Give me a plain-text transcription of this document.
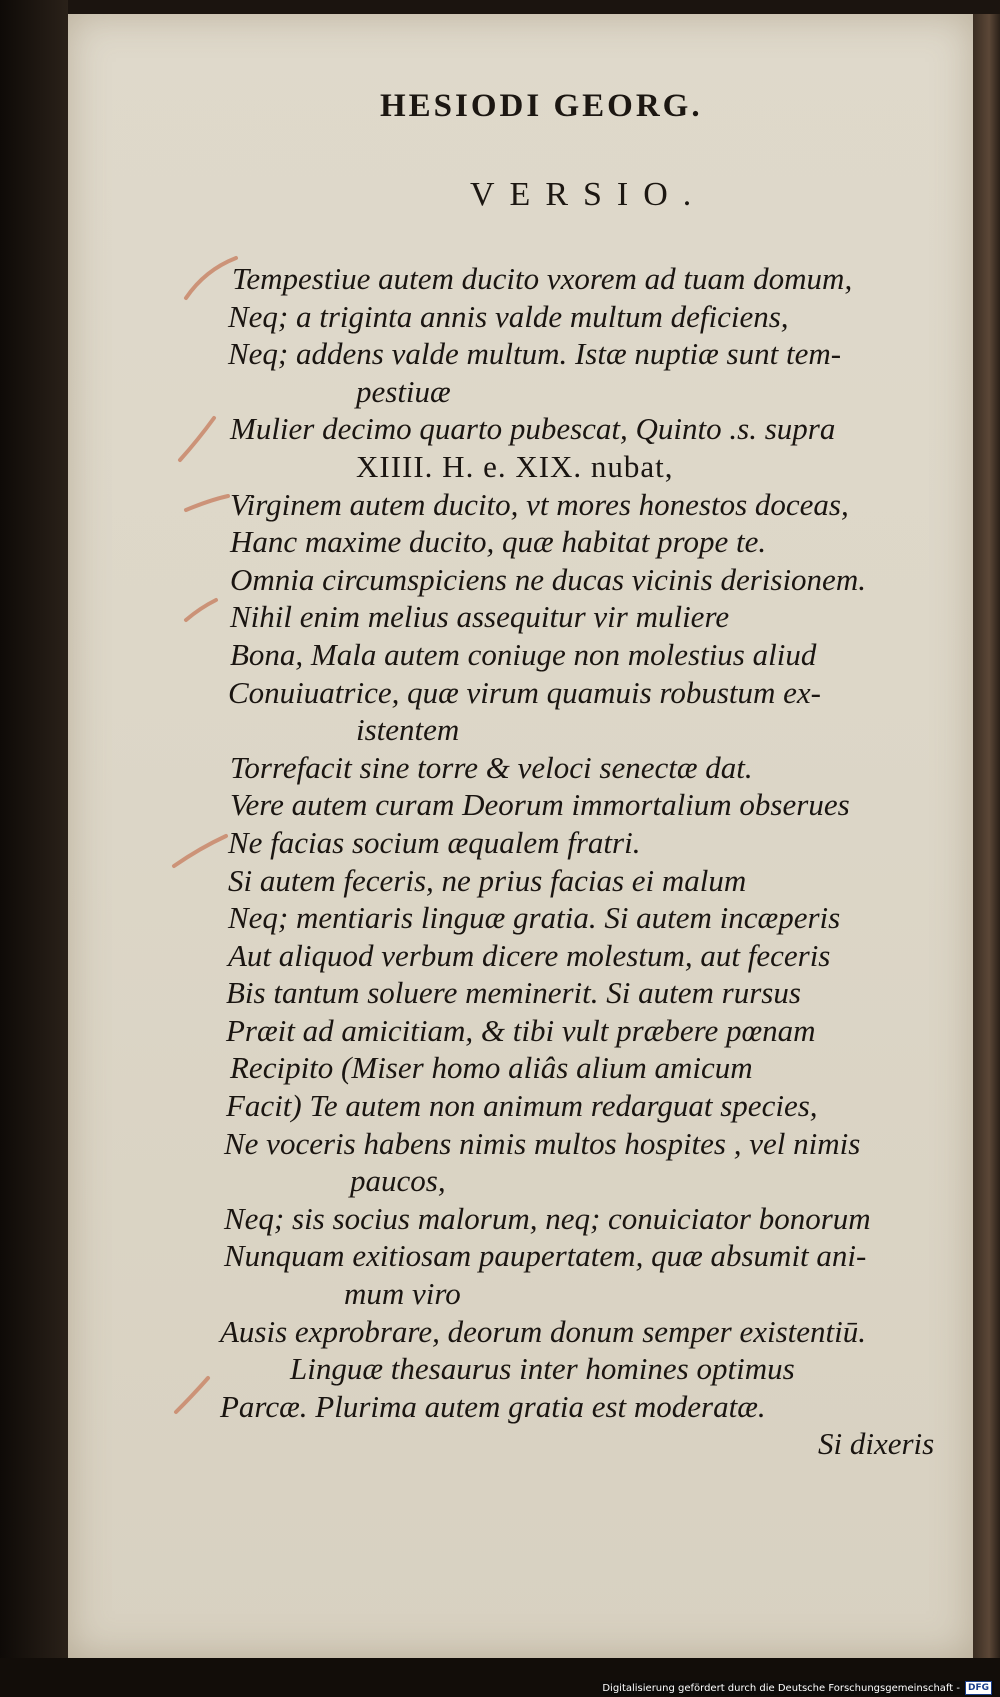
HESIODI GEORG.
VERSIO.
Tempestiue autem ducito vxorem ad tuam domum,
Neq; a triginta annis valde multum deficiens,
Neq; addens valde multum. Istæ nuptiæ sunt tem-
pestiuæ
Mulier decimo quarto pubescat, Quinto .s. supra
XIIII. H. e. XIX. nubat,
Virginem autem ducito, vt mores honestos doceas,
Hanc maxime ducito, quæ habitat prope te.
Omnia circumspiciens ne ducas vicinis derisionem.
Nihil enim melius assequitur vir muliere
Bona, Mala autem coniuge non molestius aliud
Conuiuatrice, quæ virum quamuis robustum ex-
istentem
Torrefacit sine torre & veloci senectæ dat.
Vere autem curam Deorum immortalium obserues
Ne facias socium æqualem fratri.
Si autem feceris, ne prius facias ei malum
Neq; mentiaris linguæ gratia. Si autem incæperis
Aut aliquod verbum dicere molestum, aut feceris
Bis tantum soluere meminerit. Si autem rursus
Præit ad amicitiam, & tibi vult præbere pœnam
Recipito (Miser homo aliâs alium amicum
Facit) Te autem non animum redarguat species,
Ne voceris habens nimis multos hospites , vel nimis
paucos,
Neq; sis socius malorum, neq; conuiciator bonorum
Nunquam exitiosam paupertatem, quæ absumit ani-
mum viro
Ausis exprobrare, deorum donum semper existentiū.
Linguæ thesaurus inter homines optimus
Parcæ. Plurima autem gratia est moderatæ.
Si dixeris
Digitalisierung gefördert durch die Deutsche Forschungsgemeinschaft - DFG
